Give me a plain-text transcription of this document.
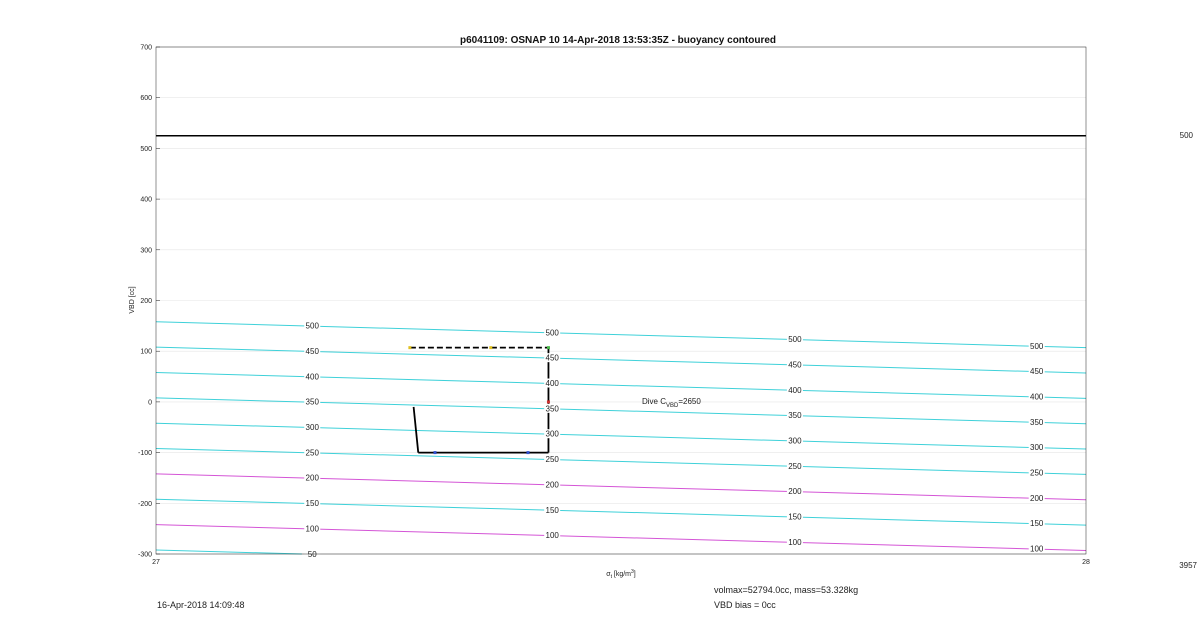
500
500
500
500
450
450
450
450
400
400
400
400
350
350
350
350
300
300
300
300
250
250
250
250
200
200
200
200
150
150
150
150
100
100
100
100
50
700
600
500
400
300
200
100
0
-100
-200
-300
27	28
p6041109: OSNAP 10 14-Apr-2018 13:53:35Z - buoyancy contoured
VBD [cc]
$\sigma_t$ $[kg/m^3]$
Dive $C_{VBD}=2650$
500
3957
16-Apr-2018 14:09:48
volmax=52794.0cc, mass=53.328kg
VBD bias = 0cc
